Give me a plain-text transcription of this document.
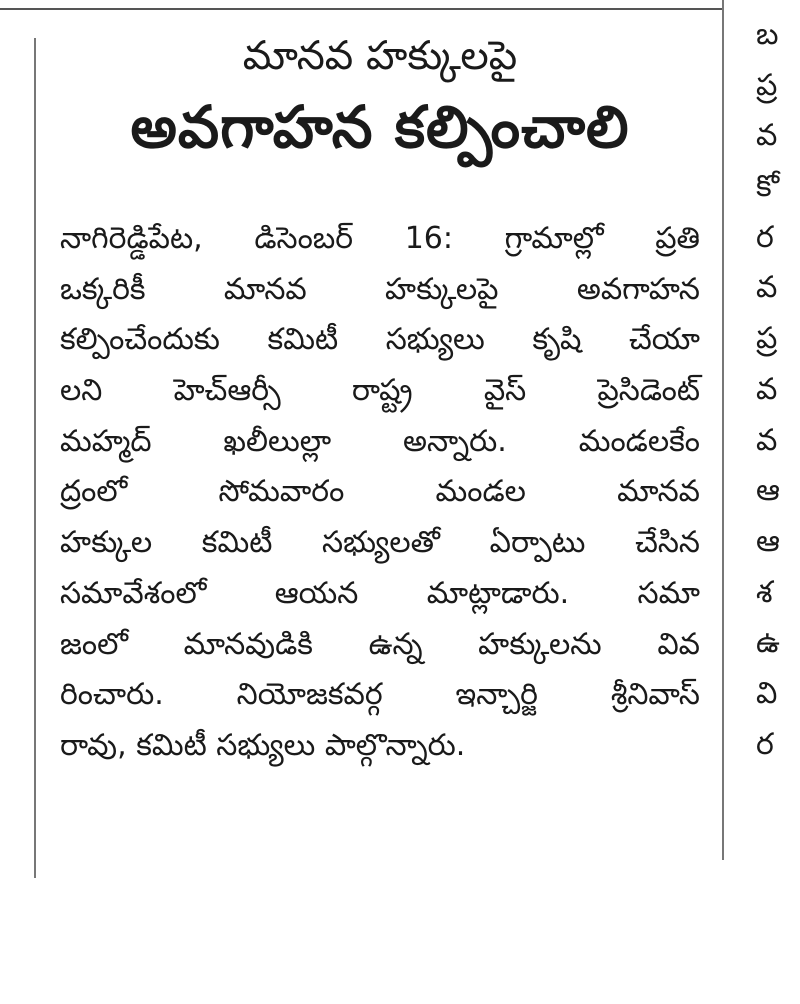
మానవ హక్కులపై
అవగాహన కల్పించాలి
నాగిరెడ్డిపేట, డిసెంబర్ 16: గ్రామాల్లో ప్రతి
ఒక్కరికీ మానవ హక్కులపై అవగాహన
కల్పించేందుకు కమిటీ సభ్యులు కృషి చేయా
లని హెచ్ఆర్సీ రాష్ట్ర వైస్ ప్రెసిడెంట్
మహ్మద్ ఖలీలుల్లా అన్నారు. మండలకేం
ద్రంలో సోమవారం మండల మానవ
హక్కుల కమిటీ సభ్యులతో ఏర్పాటు చేసిన
సమావేశంలో ఆయన మాట్లాడారు. సమా
జంలో మానవుడికి ఉన్న హక్కులను వివ
రించారు. నియోజకవర్గ ఇన్చార్జి శ్రీనివాస్
రావు, కమిటీ సభ్యులు పాల్గొన్నారు.
బ
ప్ర
వ
కో
ర
వ
ప్ర
వ
వ
ఆ
ఆ
శ
ఉ
వి
ర
